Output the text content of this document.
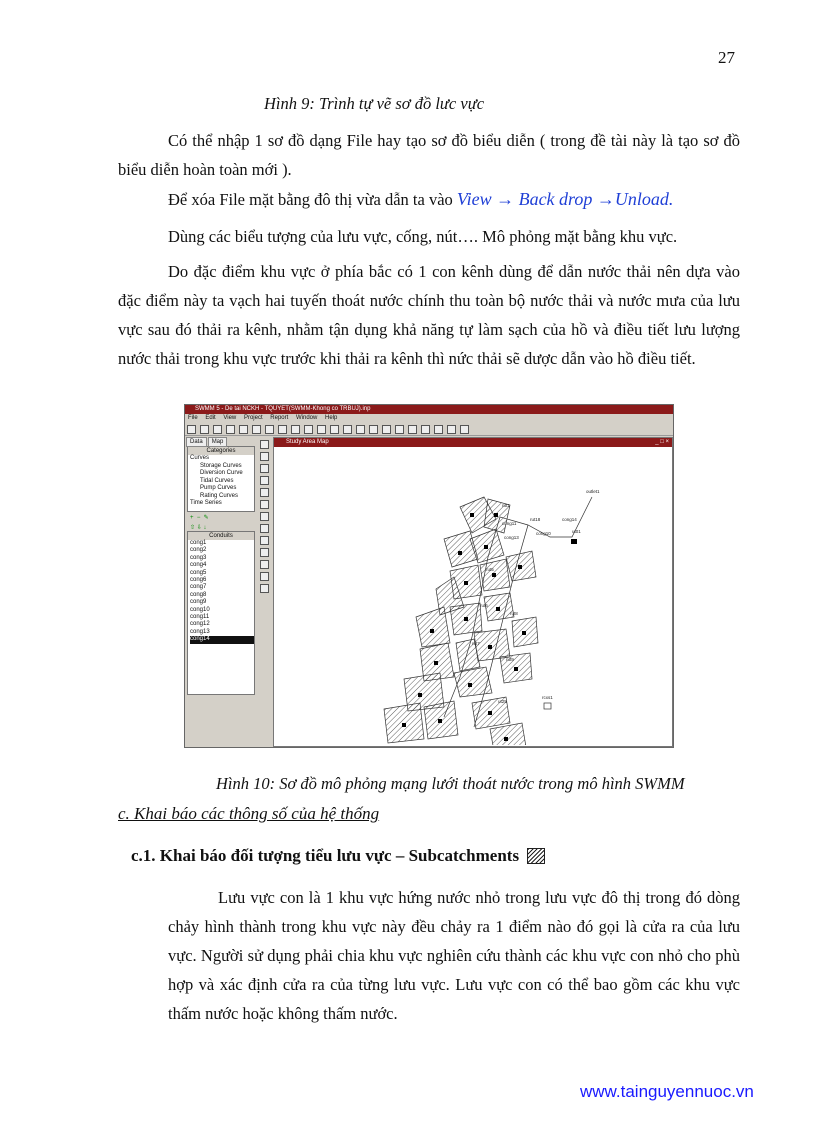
27
Hình 9: Trình tự vẽ sơ đồ lưc vực
Có thể nhập 1 sơ đồ dạng File hay tạo sơ đồ biểu diễn ( trong đề tài này là tạo sơ đồ biểu diễn hoàn toàn mới ).
Để xóa File mặt bằng đô thị vừa dẫn ta vào View → Back drop →Unload.
Dùng các biểu tượng của lưu vực, cống, nút…. Mô phỏng mặt bằng khu vực.
Do đặc điểm khu vực ở phía bắc có 1 con kênh dùng để dẫn nước thải nên dựa vào đặc điểm này ta vạch hai tuyến thoát nước chính thu toàn bộ nước thải và nước mưa của lưu vực sau đó thải ra kênh, nhằm tận dụng khả năng tự làm sạch của hồ và điều tiết lưu lượng nước thải trong khu vực trước khi thải ra kênh thì nức thải sẽ dược dẫn vào hồ điều tiết.
SWMM 5 - De tai NCKH - TQUYET(SWMM-Khong co TRBUJ).inp
File Edit View Project Report Window Help
Data Map
Categories
Curves
Storage Curves
Diversion Curve
Tidal Curves
Pump Curves
Rating Curves
Time Series
+  −  ✎
⇧ ⇩ ↓
Conduits
cong1
cong2
cong3
cong4
cong5
cong6
cong7
cong8
cong9
cong10
cong11
cong12
cong13
cong14
Study Area Map	_ □ ×
outlet1
cong14
rut1
rut18
cong11
cong10
cong13
ut01
rut5
rut6
rut7
rut8
rut9
ut25
rcxs1
Hình 10: Sơ đồ mô phỏng mạng lưới thoát nước trong mô hình SWMM
c. Khai báo các thông số của hệ thống
c.1. Khai báo đối tượng tiểu lưu vực – Subcatchments
Lưu vực con là 1 khu vực hứng nước nhỏ trong lưu vực đô thị trong đó dòng chảy hình thành trong khu vực này đều chảy ra 1 điểm nào đó gọi là cửa ra của lưu vực. Người sử dụng phải chia khu vực nghiên cứu thành các khu vực con nhỏ cho phù hợp và xác định cửa ra của từng lưu vực. Lưu vực con có thể bao gồm các khu vực thấm nước hoặc không thấm nước.
www.tainguyennuoc.vn
